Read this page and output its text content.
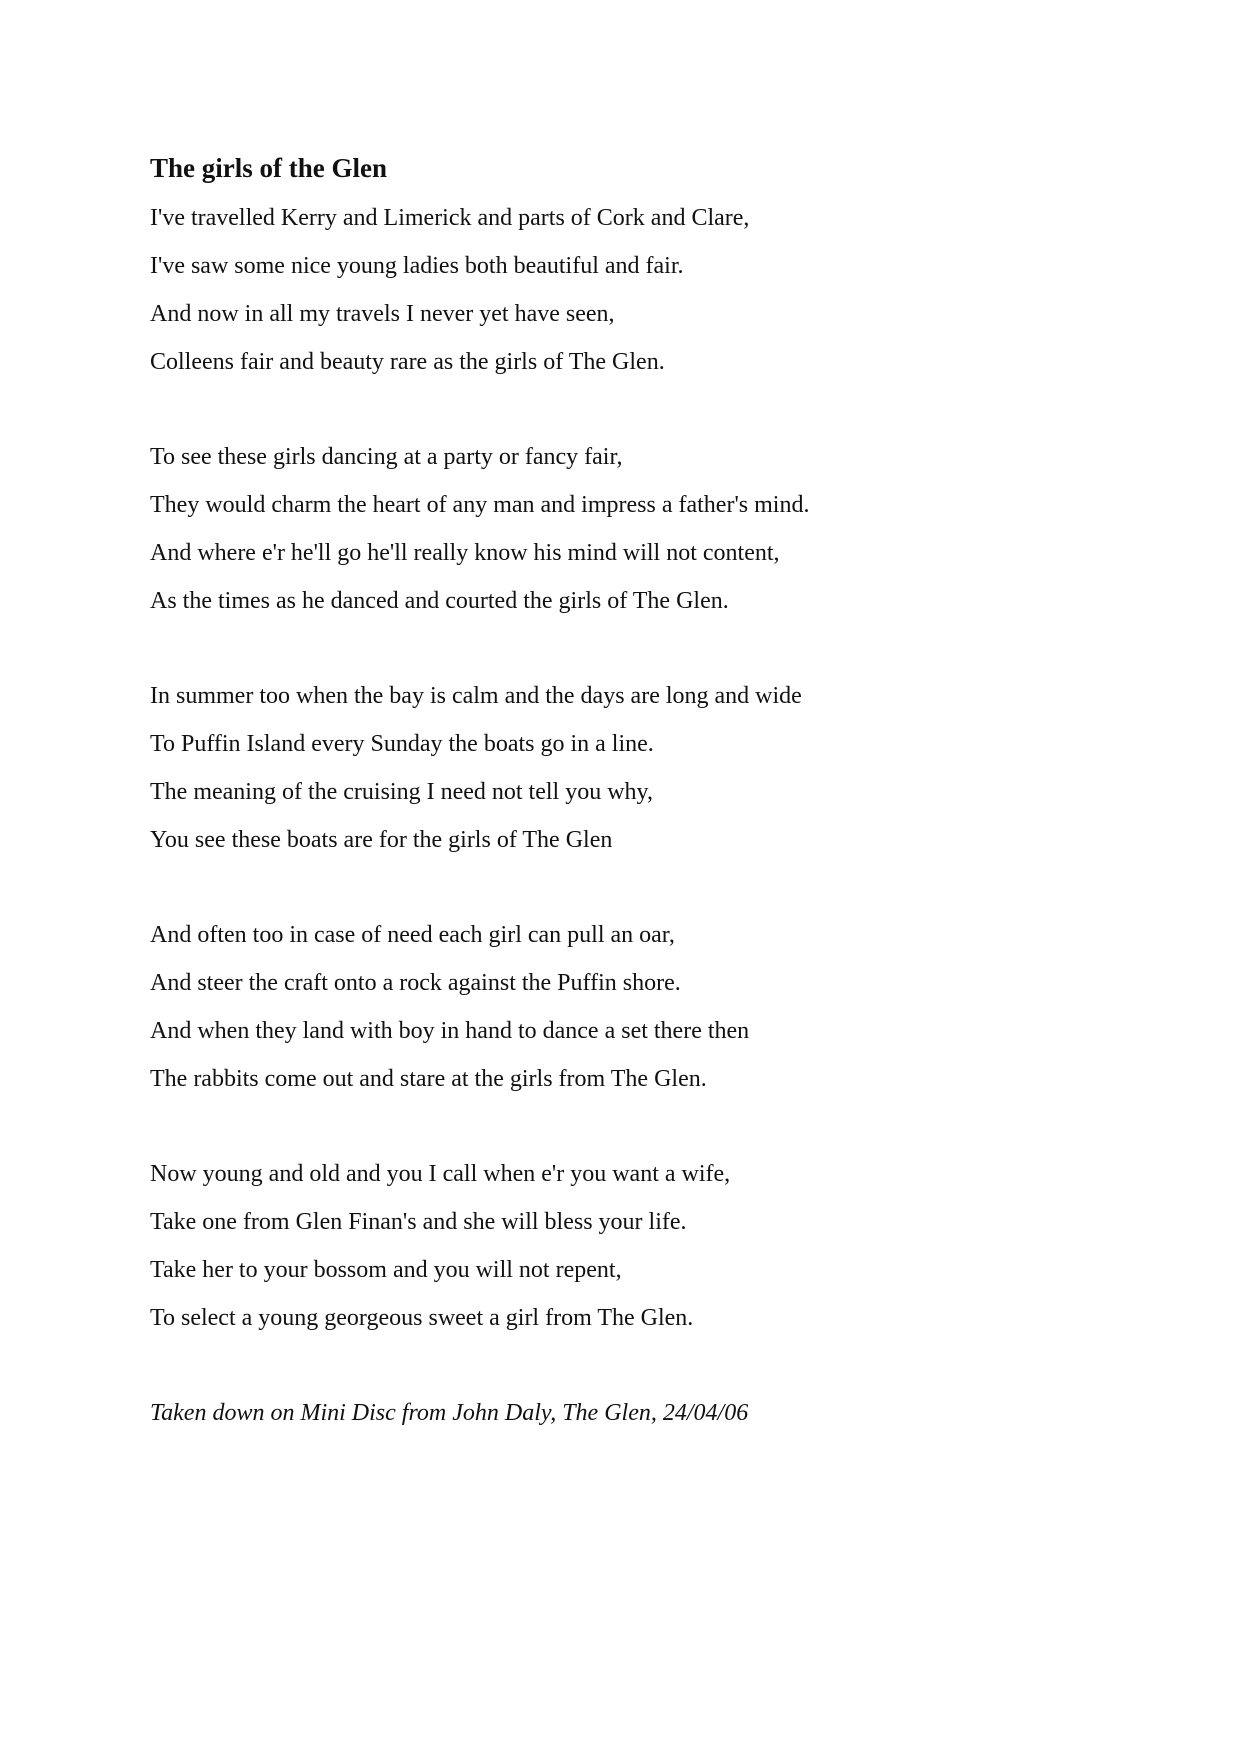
The girls of the Glen
I've travelled Kerry and Limerick and parts of Cork and Clare,
I've saw some nice young ladies both beautiful and fair.
And now in all my travels I never yet have seen,
Colleens fair and beauty rare as the girls of The Glen.
To see these girls dancing at a party or fancy fair,
They would charm the heart of any man and impress a father's mind.
And where e'r he'll go he'll really know his mind will not content,
As the times as he danced and courted the girls of The Glen.
In summer too when the bay is calm and the days are long and wide
To Puffin Island every Sunday the boats go in a line.
The meaning of the cruising I need not tell you why,
You see these boats are for the girls of The Glen
And often too in case of need each girl can pull an oar,
And steer the craft onto a rock against the Puffin shore.
And when they land with boy in hand to dance a set there then
The rabbits come out and stare at the girls from The Glen.
Now young and old and you I call when e'r you want a wife,
Take one from Glen Finan's and she will bless your life.
Take her to your bossom and you will not repent,
To select a young georgeous sweet a girl from The Glen.
Taken down on Mini Disc from John Daly, The Glen, 24/04/06
